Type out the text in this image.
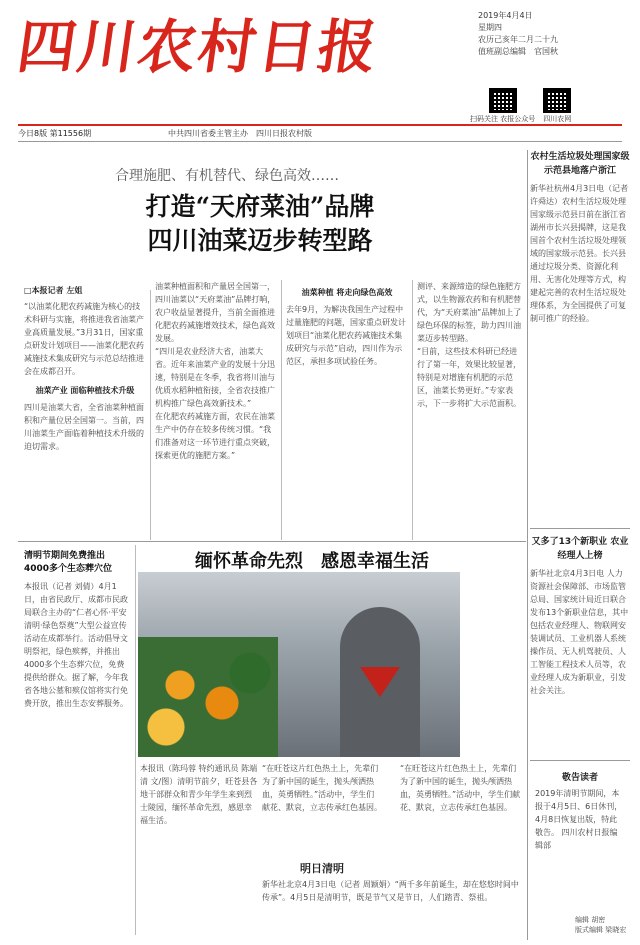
四川农村日报	2019年4月4日
星期四
农历己亥年二月二十九
值班副总编辑　官国秋
扫码关注 农报公众号 四川农网
今日8版 第11556期	中共四川省委主管主办　四川日报农村版
合理施肥、有机替代、绿色高效……
打造“天府菜油”品牌
四川油菜迈步转型路
□本报记者 左姐

“以油菜化肥农药减施为核心的技术科研与实施，将推进我省油菜产业高质量发展。”3月31日，国家重点研发计划项目——油菜化肥农药减施技术集成研究与示范总结推进会在成都召开。

油菜产业 面临种植技术升级

四川是油菜大省，全省油菜种植面积和产量位居全国第一。当前，四川油菜生产面临着种植技术升级的迫切需求。

油菜种植面积和产量居全国第一，四川油菜以“天府菜油”品牌打响，农户收益显著提升，当前全面推进化肥农药减施增效技术，绿色高效发展。

“四川是农业经济大省，油菜大省。近年来油菜产业的发展十分迅速，特别是在冬季，我省将川油与优质水稻种植衔接，全省农技推广机构推广绿色高效新技术。”

在化肥农药减施方面，农民在油菜生产中仍存在较多传统习惯。“我们准备对这一环节进行重点突破，探索更优的施肥方案。”

油菜种植 将走向绿色高效

去年9月，为解决我国生产过程中过量施肥的问题，国家重点研发计划项目“油菜化肥农药减施技术集成研究与示范”启动，四川作为示范区，承担多项试验任务。

测评、来源缔造的绿色施肥方式，以生物源农药和有机肥替代，为“天府菜油”品牌加上了绿色环保的标签，助力四川油菜迈步转型路。

“目前，这些技术科研已经进行了第一年，效果比较显著，特别是对增施有机肥的示范区，油菜长势更好。”专家表示，下一步将扩大示范面积。

农村生活垃圾处理国家级示范县地落户浙江
新华社杭州4月3日电（记者 许舜达）农村生活垃圾处理国家级示范县日前在浙江省湖州市长兴县揭牌，这是我国首个农村生活垃圾处理领域的国家级示范县。长兴县通过垃圾分类、资源化利用、无害化处理等方式，构建起完善的农村生活垃圾处理体系，为全国提供了可复制可推广的经验。
又多了13个新职业 农业经理人上榜
新华社北京4月3日电 人力资源社会保障部、市场监管总局、国家统计局近日联合发布13个新职业信息，其中包括农业经理人、物联网安装调试员、工业机器人系统操作员、无人机驾驶员、人工智能工程技术人员等，农业经理人成为新职业，引发社会关注。
缅怀革命先烈　感恩幸福生活
清明节期间免费推出 4000多个生态葬穴位

本报讯（记者 刘倩）4月1日，由省民政厅、成都市民政局联合主办的“仁者心怀·平安清明·绿色祭奠”大型公益宣传活动在成都举行。活动倡导文明祭祀，绿色殡葬，并推出4000多个生态葬穴位，免费提供给群众。据了解，今年我省各地公墓和殡仪馆将实行免费开放，推出生态安葬服务。

本报讯（陈玛蓉 特约通讯员 陈端清 文/图）清明节前夕，旺苍县各地干部群众和青少年学生来到烈士陵园，缅怀革命先烈，感恩幸福生活。

“在旺苍这片红色热土上，先辈们为了新中国的诞生，抛头颅洒热血，英勇牺牲。”活动中，学生们献花、默哀，立志传承红色基因。

“在旺苍这片红色热土上，先辈们为了新中国的诞生，抛头颅洒热血，英勇牺牲。”活动中，学生们献花、默哀，立志传承红色基因。

明日清明

新华社北京4月3日电（记者 周颖娟）“两千多年前诞生，却在悠悠时间中传承”。4月5日是清明节，既是节气又是节日，人们踏青、祭祖。

敬告读者
2019年清明节期间，本报于4月5日、6日休刊，4月8日恢复出版，特此敬告。 四川农村日报编辑部
编辑 胡密
版式编辑 梁晓宏
